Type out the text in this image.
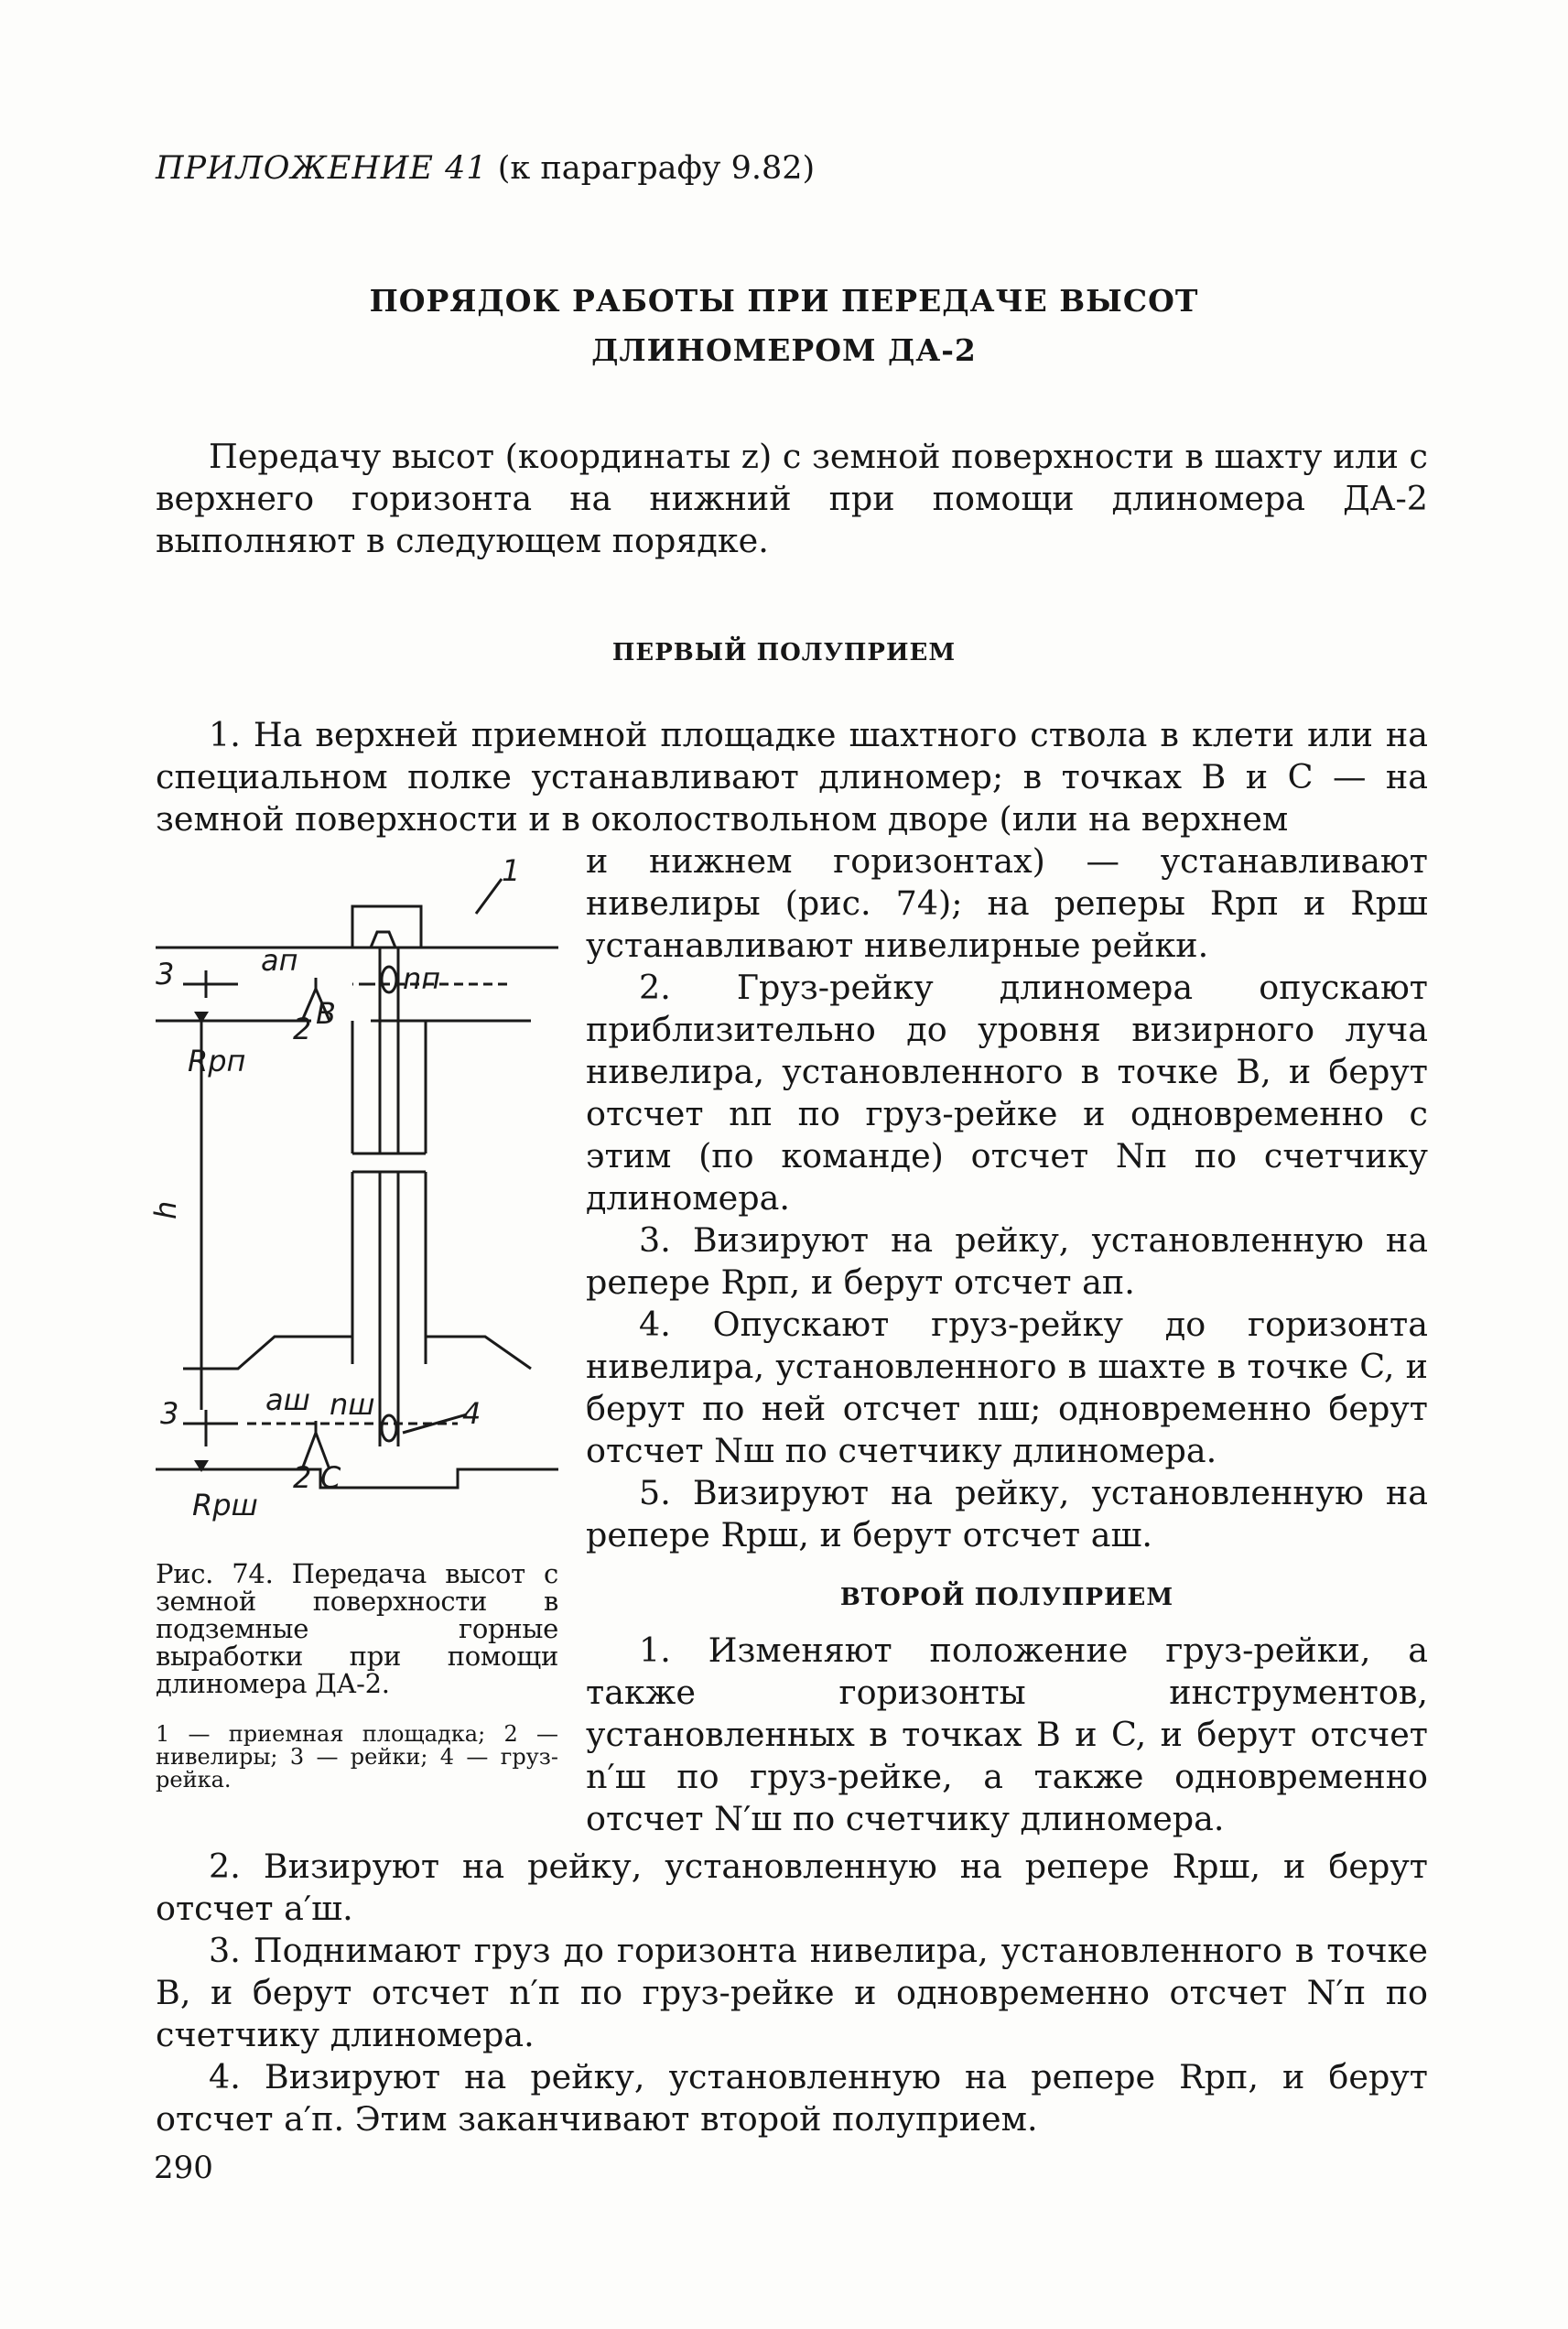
ПРИЛОЖЕНИЕ 41 (к параграфу 9.82)
ПОРЯДОК РАБОТЫ ПРИ ПЕРЕДАЧЕ ВЫСОТ
ДЛИНОМЕРОМ ДА-2

Передачу высот (координаты z) с земной поверхности в шахту или с верхнего горизонта на нижний при помощи длиномера ДА-2 выполняют в следующем порядке.

ПЕРВЫЙ ПОЛУПРИЕМ

1. На верхней приемной площадке шахтного ствола в клети или на специальном полке устанавливают длиномер; в точках B и C — на земной поверхности и в околоствольном дворе (или на верхнем

1
3
3	4
aп
aш
nп
nш
2
2
B
C
Rpп
Rpш
h

и нижнем горизонтах) — устанавливают нивелиры (рис. 74); на реперы Rpп и Rpш устанавливают нивелирные рейки.

2. Груз-рейку длиномера опускают приблизительно до уровня визирного луча нивелира, установленного в точке B, и берут отсчет nп по груз-рейке и одновременно с этим (по команде) отсчет Nп по счетчику длиномера.

3. Визируют на рейку, установленную на репере Rpп, и берут отсчет aп.

4. Опускают груз-рейку до горизонта нивелира, установленного в шахте в точке C, и берут по ней отсчет nш; одновременно берут отсчет Nш по счетчику длиномера.

5. Визируют на рейку, установленную на репере Rpш, и берут отсчет aш.

Рис. 74. Передача высот с земной поверхности в подземные горные выработки при помощи длиномера ДА-2.
1 — приемная площадка; 2 — нивелиры; 3 — рейки; 4 — груз-рейка.
ВТОРОЙ ПОЛУПРИЕМ

1. Изменяют положение груз-рейки, а также горизонты инструментов, установленных в точках B и C, и берут отсчет n′ш по груз-рейке, а также одновременно отсчет N′ш по счетчику длиномера.

2. Визируют на рейку, установленную на репере Rpш, и берут отсчет a′ш.

3. Поднимают груз до горизонта нивелира, установленного в точке B, и берут отсчет n′п по груз-рейке и одновременно отсчет N′п по счетчику длиномера.

4. Визируют на рейку, установленную на репере Rpп, и берут отсчет a′п. Этим заканчивают второй полуприем.

290
